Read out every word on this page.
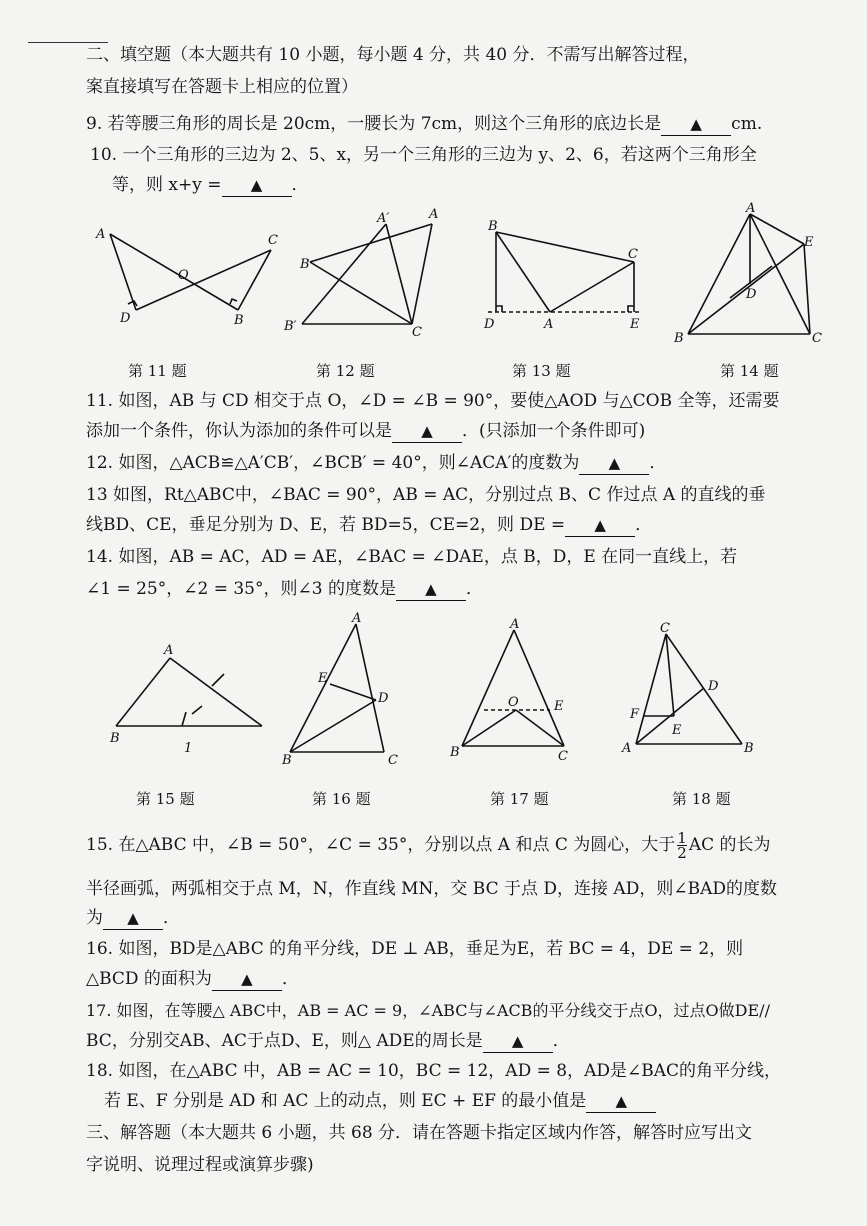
二、填空题（本大题共有 10 小题，每小题 4 分，共 40 分．不需写出解答过程，
案直接填写在答题卡上相应的位置）
9. 若等腰三角形的周长是 20cm，一腰长为 7cm，则这个三角形的底边长是 ▲ cm.
10. 一个三角形的三边为 2、5、x，另一个三角形的三边为 y、2、6，若这两个三角形全
等，则 x+y = ▲ ．
A	C
O
D	B
A′	A
B
B′	C
B
C
D	A	E
A
E
D
B	C
第 11 题	第 12 题	第 13 题	第 14 题
11. 如图，AB 与 CD 相交于点 O，∠D = ∠B = 90°，要使△AOD 与△COB 全等，还需要
添加一个条件，你认为添加的条件可以是 ▲ ．(只添加一个条件即可)
12. 如图，△ACB≌△A′CB′，∠BCB′ = 40°，则∠ACA′的度数为 ▲ ．
13 如图，Rt△ABC中，∠BAC = 90°，AB = AC，分别过点 B、C 作过点 A 的直线的垂
线BD、CE，垂足分别为 D、E，若 BD=5，CE=2，则 DE = ▲ ．
14. 如图，AB = AC，AD = AE，∠BAC = ∠DAE，点 B，D，E 在同一直线上，若
∠1 = 25°，∠2 = 35°，则∠3 的度数是 ▲ ．
A
B
1
A
E
D
B	C
A
O	E
B	C
C
D
F
E
A	B
第 15 题	第 16 题	第 17 题	第 18 题
15. 在△ABC 中，∠B = 50°，∠C = 35°，分别以点 A 和点 C 为圆心，大于 $\frac{1}{2}$ AC 的长为
半径画弧，两弧相交于点 M，N，作直线 MN，交 BC 于点 D，连接 AD，则∠BAD的度数
为 ▲ ．
16. 如图，BD是△ABC 的角平分线，DE ⊥ AB，垂足为E，若 BC = 4，DE = 2，则
△BCD 的面积为 ▲ ．
17. 如图，在等腰△ ABC中，AB = AC = 9，∠ABC与∠ACB的平分线交于点O，过点O做DE//
BC，分别交AB、AC于点D、E，则△ ADE的周长是 ▲ ．
18. 如图，在△ABC 中，AB = AC = 10，BC = 12，AD = 8，AD是∠BAC的角平分线，
若 E、F 分别是 AD 和 AC 上的动点，则 EC + EF 的最小值是 ▲
三、解答题（本大题共 6 小题，共 68 分．请在答题卡指定区域内作答，解答时应写出文
字说明、说理过程或演算步骤)
